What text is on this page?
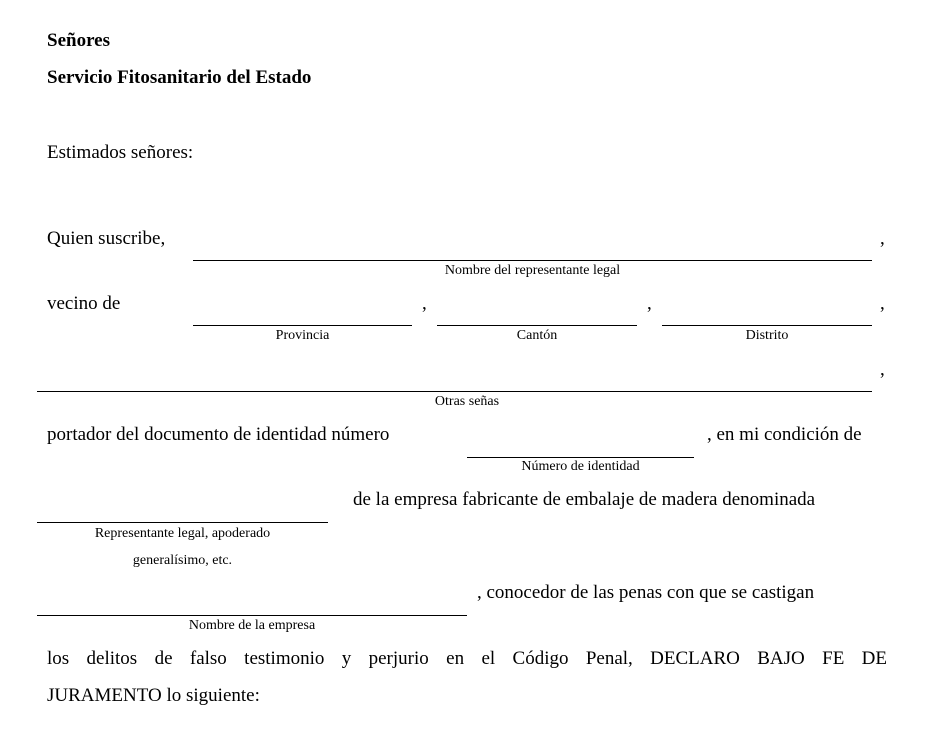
Señores
Servicio Fitosanitario del Estado
Estimados señores:
Quien suscribe,	,
Nombre del representante legal
vecino de	,	,	,
Provincia	Cantón	Distrito
,
Otras señas
portador del documento de identidad número	, en mi condición de
Número de identidad
de la empresa fabricante de embalaje de madera denominada
Representante legal, apoderado
generalísimo, etc.
, conocedor de las penas con que se castigan
Nombre de la empresa
los delitos de falso testimonio y perjurio en el Código Penal, DECLARO BAJO FE DE
JURAMENTO lo siguiente:
